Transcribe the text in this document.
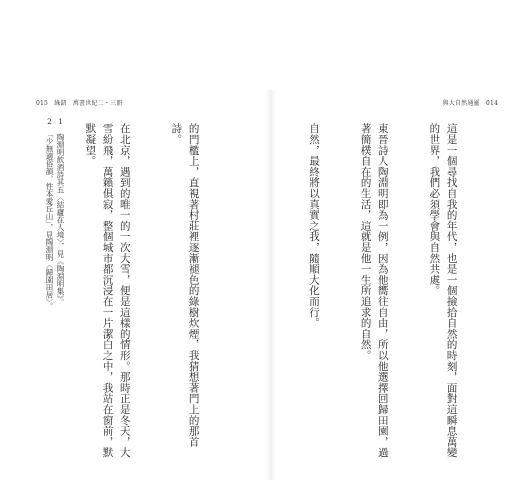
015　綠鈕　萬書世紀二・三冊	與大自然通靈　014

的門檻上，直視著村莊裡逐漸褪色的綠樹炊煙，我猜想著門上的那首詩。

在北京，遇到的唯一的一次大雪，便是這樣的情形。那時正是冬天，大雪紛飛，萬籟俱寂，整個城市都沉浸在一片潔白之中，我站在窗前，默默凝望。

1　陶淵明飲酒詩其五〈結廬在人境〉，見《陶淵明集》。

2　「少無適俗韻，性本愛丘山」，見陶淵明〈歸園田居〉。

	這是一個尋找自我的年代，也是一個撿拾自然的時刻，面對這瞬息萬變的世界，我們必須學會與自然共處。

東晉詩人陶淵明即為一例，因為他嚮往自由，所以他選擇回歸田園，過著簡樸自在的生活，這就是他一生所追求的自然。

自然，最終將以真實之我，隨順大化而行。
